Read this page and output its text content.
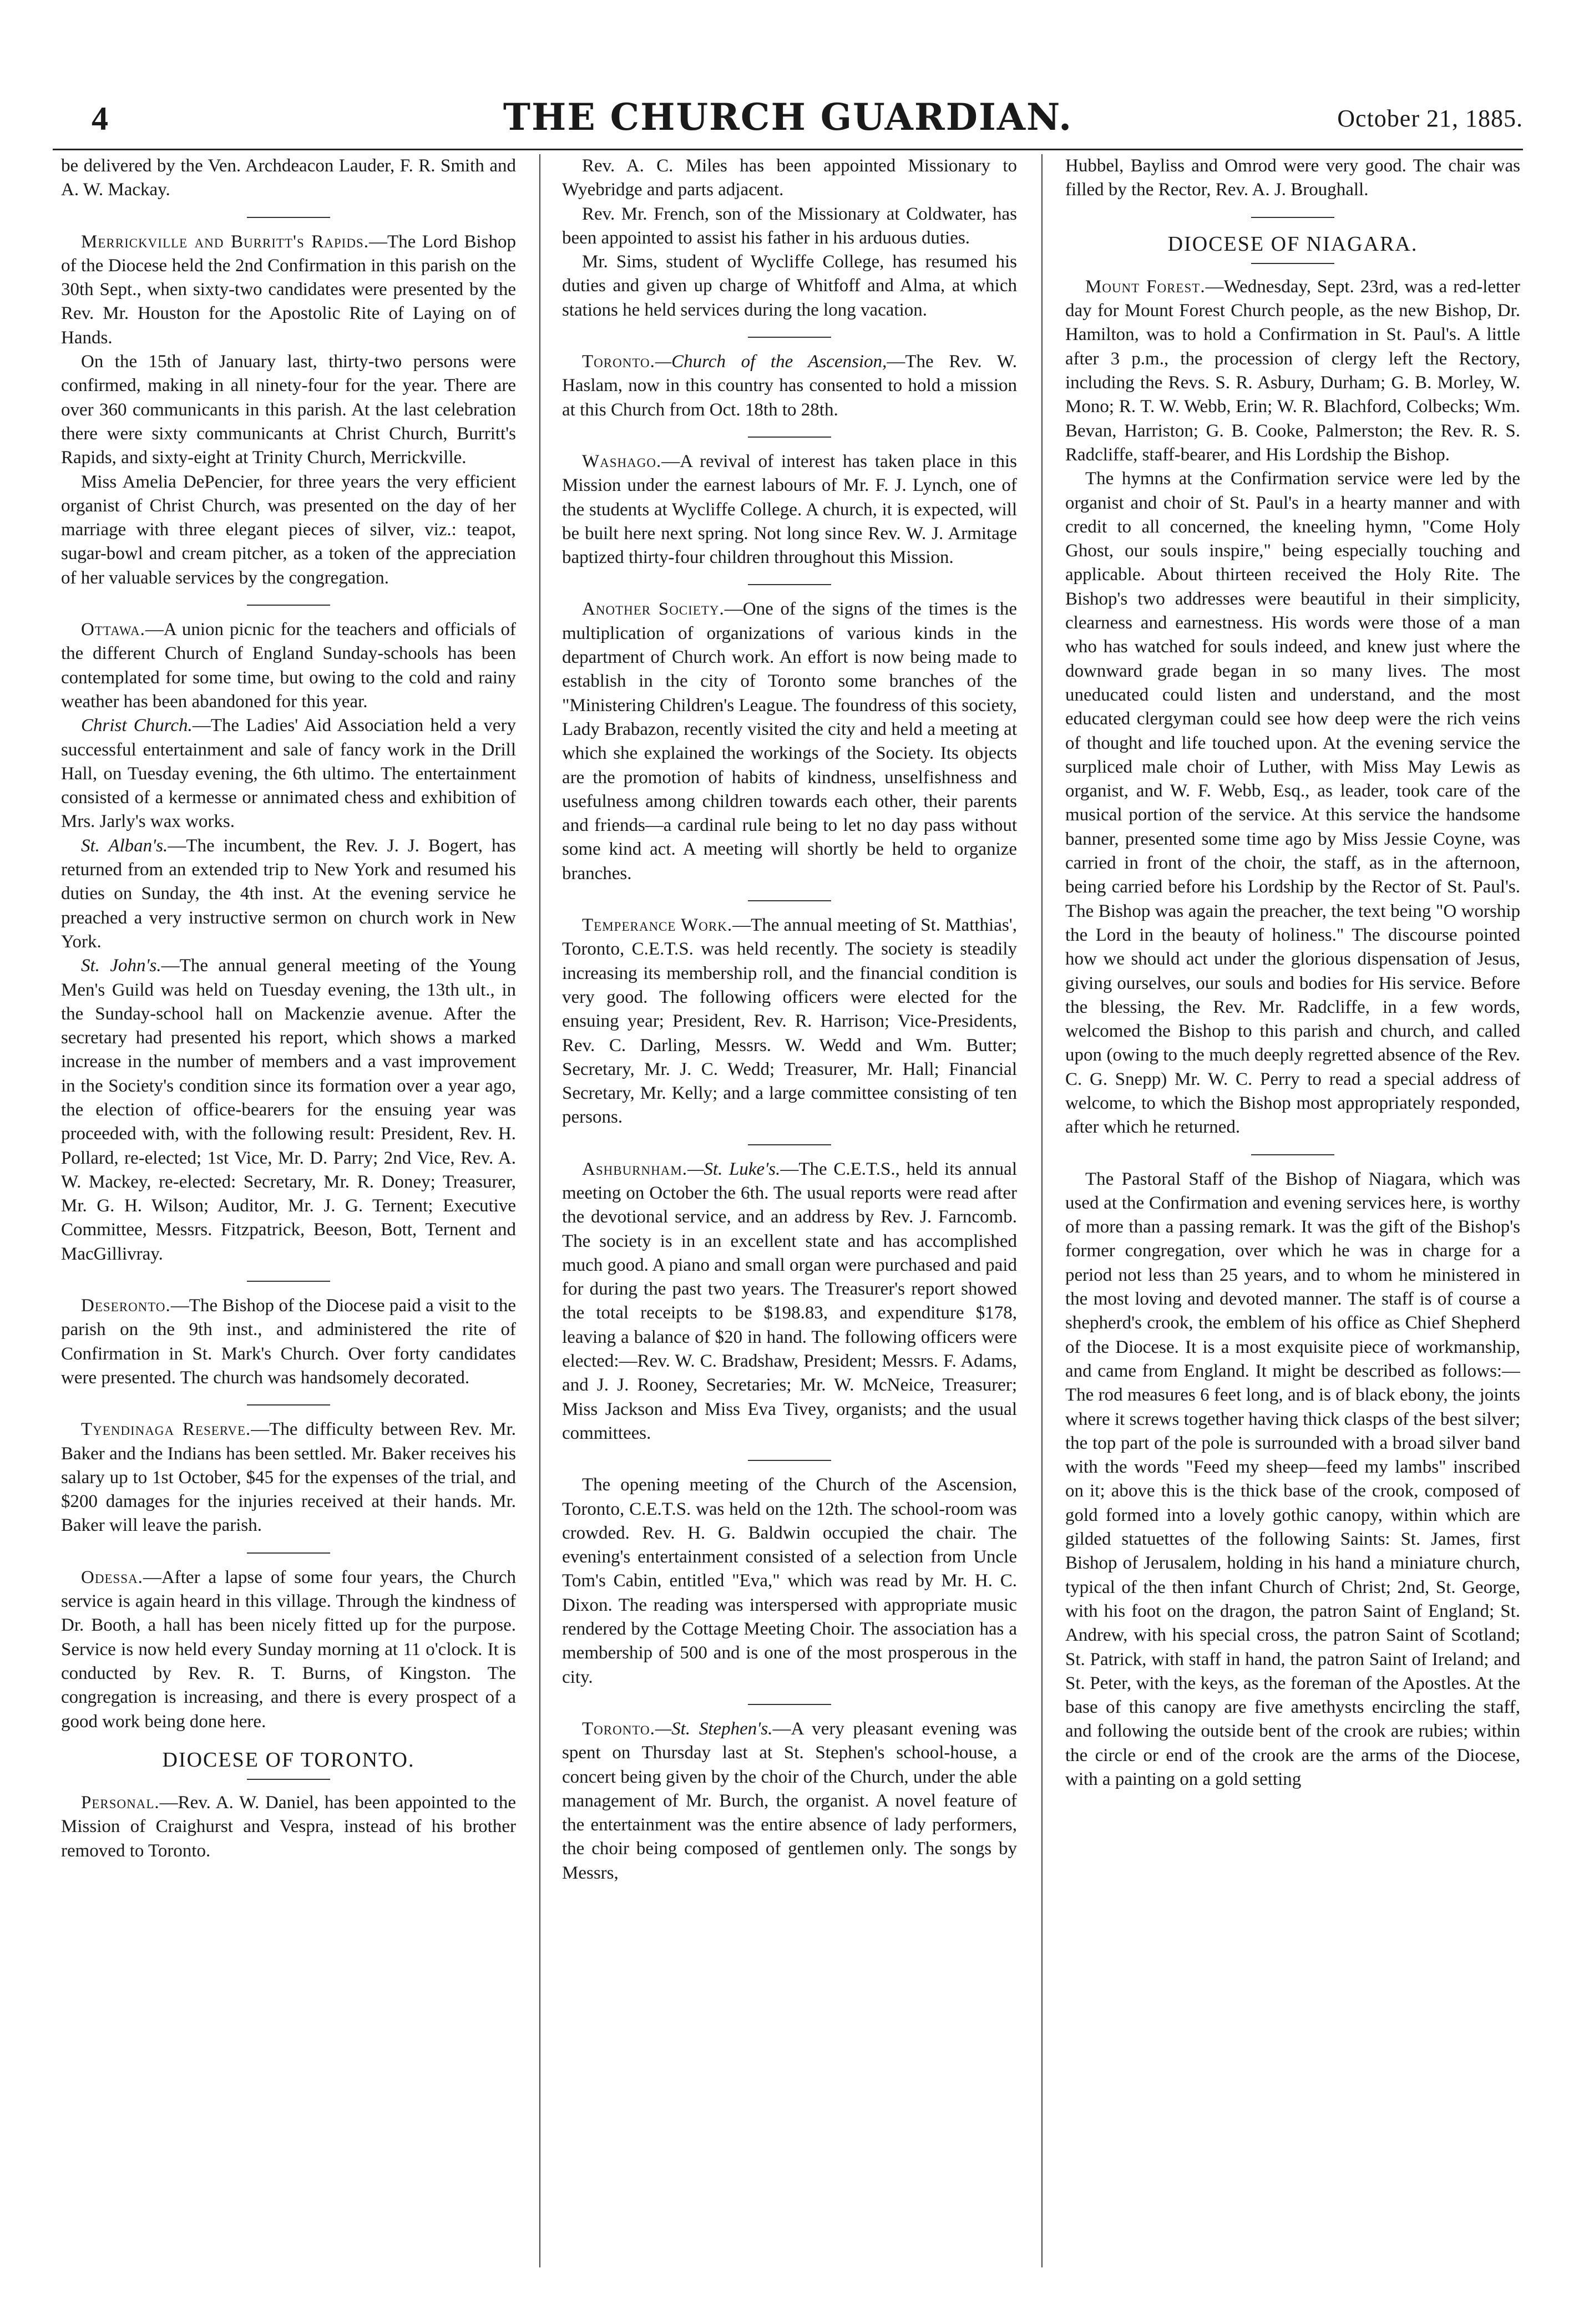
4	THE CHURCH GUARDIAN.	October 21, 1885.

be delivered by the Ven. Archdeacon Lauder, F. R. Smith and A. W. Mackay.

Merrickville and Burritt's Rapids.—The Lord Bishop of the Diocese held the 2nd Confirmation in this parish on the 30th Sept., when sixty-two candidates were presented by the Rev. Mr. Houston for the Apostolic Rite of Laying on of Hands.

On the 15th of January last, thirty-two persons were confirmed, making in all ninety-four for the year. There are over 360 communicants in this parish. At the last celebration there were sixty communicants at Christ Church, Burritt's Rapids, and sixty-eight at Trinity Church, Merrickville.

Miss Amelia DePencier, for three years the very efficient organist of Christ Church, was presented on the day of her marriage with three elegant pieces of silver, viz.: teapot, sugar-bowl and cream pitcher, as a token of the appreciation of her valuable services by the congregation.

Ottawa.—A union picnic for the teachers and officials of the different Church of England Sunday-schools has been contemplated for some time, but owing to the cold and rainy weather has been abandoned for this year.

Christ Church.—The Ladies' Aid Association held a very successful entertainment and sale of fancy work in the Drill Hall, on Tuesday evening, the 6th ultimo. The entertainment consisted of a kermesse or annimated chess and exhibition of Mrs. Jarly's wax works.

St. Alban's.—The incumbent, the Rev. J. J. Bogert, has returned from an extended trip to New York and resumed his duties on Sunday, the 4th inst. At the evening service he preached a very instructive sermon on church work in New York.

St. John's.—The annual general meeting of the Young Men's Guild was held on Tuesday evening, the 13th ult., in the Sunday-school hall on Mackenzie avenue. After the secretary had presented his report, which shows a marked increase in the number of members and a vast improvement in the Society's condition since its formation over a year ago, the election of office-bearers for the ensuing year was proceeded with, with the following result: President, Rev. H. Pollard, re-elected; 1st Vice, Mr. D. Parry; 2nd Vice, Rev. A. W. Mackey, re-elected: Secretary, Mr. R. Doney; Treasurer, Mr. G. H. Wilson; Auditor, Mr. J. G. Ternent; Executive Committee, Messrs. Fitzpatrick, Beeson, Bott, Ternent and MacGillivray.

Deseronto.—The Bishop of the Diocese paid a visit to the parish on the 9th inst., and administered the rite of Confirmation in St. Mark's Church. Over forty candidates were presented. The church was handsomely decorated.

Tyendinaga Reserve.—The difficulty between Rev. Mr. Baker and the Indians has been settled. Mr. Baker receives his salary up to 1st October, $45 for the expenses of the trial, and $200 damages for the injuries received at their hands. Mr. Baker will leave the parish.

Odessa.—After a lapse of some four years, the Church service is again heard in this village. Through the kindness of Dr. Booth, a hall has been nicely fitted up for the purpose. Service is now held every Sunday morning at 11 o'clock. It is conducted by Rev. R. T. Burns, of Kingston. The congregation is increasing, and there is every prospect of a good work being done here.

DIOCESE OF TORONTO.

Personal.—Rev. A. W. Daniel, has been appointed to the Mission of Craighurst and Vespra, instead of his brother removed to Toronto.

Rev. A. C. Miles has been appointed Missionary to Wyebridge and parts adjacent.

Rev. Mr. French, son of the Missionary at Coldwater, has been appointed to assist his father in his arduous duties.

Mr. Sims, student of Wycliffe College, has resumed his duties and given up charge of Whitfoff and Alma, at which stations he held services during the long vacation.

Toronto.—Church of the Ascension,—The Rev. W. Haslam, now in this country has consented to hold a mission at this Church from Oct. 18th to 28th.

Washago.—A revival of interest has taken place in this Mission under the earnest labours of Mr. F. J. Lynch, one of the students at Wycliffe College. A church, it is expected, will be built here next spring. Not long since Rev. W. J. Armitage baptized thirty-four children throughout this Mission.

Another Society.—One of the signs of the times is the multiplication of organizations of various kinds in the department of Church work. An effort is now being made to establish in the city of Toronto some branches of the "Ministering Children's League. The foundress of this society, Lady Brabazon, recently visited the city and held a meeting at which she explained the workings of the Society. Its objects are the promotion of habits of kindness, unselfishness and usefulness among children towards each other, their parents and friends—a cardinal rule being to let no day pass without some kind act. A meeting will shortly be held to organize branches.

Temperance Work.—The annual meeting of St. Matthias', Toronto, C.E.T.S. was held recently. The society is steadily increasing its membership roll, and the financial condition is very good. The following officers were elected for the ensuing year; President, Rev. R. Harrison; Vice-Presidents, Rev. C. Darling, Messrs. W. Wedd and Wm. Butter; Secretary, Mr. J. C. Wedd; Treasurer, Mr. Hall; Financial Secretary, Mr. Kelly; and a large committee consisting of ten persons.

Ashburnham.—St. Luke's.—The C.E.T.S., held its annual meeting on October the 6th. The usual reports were read after the devotional service, and an address by Rev. J. Farncomb. The society is in an excellent state and has accomplished much good. A piano and small organ were purchased and paid for during the past two years. The Treasurer's report showed the total receipts to be $198.83, and expenditure $178, leaving a balance of $20 in hand. The following officers were elected:—Rev. W. C. Bradshaw, President; Messrs. F. Adams, and J. J. Rooney, Secretaries; Mr. W. McNeice, Treasurer; Miss Jackson and Miss Eva Tivey, organists; and the usual committees.

The opening meeting of the Church of the Ascension, Toronto, C.E.T.S. was held on the 12th. The school-room was crowded. Rev. H. G. Baldwin occupied the chair. The evening's entertainment consisted of a selection from Uncle Tom's Cabin, entitled "Eva," which was read by Mr. H. C. Dixon. The reading was interspersed with appropriate music rendered by the Cottage Meeting Choir. The association has a membership of 500 and is one of the most prosperous in the city.

Toronto.—St. Stephen's.—A very pleasant evening was spent on Thursday last at St. Stephen's school-house, a concert being given by the choir of the Church, under the able management of Mr. Burch, the organist. A novel feature of the entertainment was the entire absence of lady performers, the choir being composed of gentlemen only. The songs by Messrs,

Hubbel, Bayliss and Omrod were very good. The chair was filled by the Rector, Rev. A. J. Broughall.

DIOCESE OF NIAGARA.

Mount Forest.—Wednesday, Sept. 23rd, was a red-letter day for Mount Forest Church people, as the new Bishop, Dr. Hamilton, was to hold a Confirmation in St. Paul's. A little after 3 p.m., the procession of clergy left the Rectory, including the Revs. S. R. Asbury, Durham; G. B. Morley, W. Mono; R. T. W. Webb, Erin; W. R. Blachford, Colbecks; Wm. Bevan, Harriston; G. B. Cooke, Palmerston; the Rev. R. S. Radcliffe, staff-bearer, and His Lordship the Bishop.

The hymns at the Confirmation service were led by the organist and choir of St. Paul's in a hearty manner and with credit to all concerned, the kneeling hymn, "Come Holy Ghost, our souls inspire," being especially touching and applicable. About thirteen received the Holy Rite. The Bishop's two addresses were beautiful in their simplicity, clearness and earnestness. His words were those of a man who has watched for souls indeed, and knew just where the downward grade began in so many lives. The most uneducated could listen and understand, and the most educated clergyman could see how deep were the rich veins of thought and life touched upon. At the evening service the surpliced male choir of Luther, with Miss May Lewis as organist, and W. F. Webb, Esq., as leader, took care of the musical portion of the service. At this service the handsome banner, presented some time ago by Miss Jessie Coyne, was carried in front of the choir, the staff, as in the afternoon, being carried before his Lordship by the Rector of St. Paul's. The Bishop was again the preacher, the text being "O worship the Lord in the beauty of holiness." The discourse pointed how we should act under the glorious dispensation of Jesus, giving ourselves, our souls and bodies for His service. Before the blessing, the Rev. Mr. Radcliffe, in a few words, welcomed the Bishop to this parish and church, and called upon (owing to the much deeply regretted absence of the Rev. C. G. Snepp) Mr. W. C. Perry to read a special address of welcome, to which the Bishop most appropriately responded, after which he returned.

The Pastoral Staff of the Bishop of Niagara, which was used at the Confirmation and evening services here, is worthy of more than a passing remark. It was the gift of the Bishop's former congregation, over which he was in charge for a period not less than 25 years, and to whom he ministered in the most loving and devoted manner. The staff is of course a shepherd's crook, the emblem of his office as Chief Shepherd of the Diocese. It is a most exquisite piece of workmanship, and came from England. It might be described as follows:—The rod measures 6 feet long, and is of black ebony, the joints where it screws together having thick clasps of the best silver; the top part of the pole is surrounded with a broad silver band with the words "Feed my sheep—feed my lambs" inscribed on it; above this is the thick base of the crook, composed of gold formed into a lovely gothic canopy, within which are gilded statuettes of the following Saints: St. James, first Bishop of Jerusalem, holding in his hand a miniature church, typical of the then infant Church of Christ; 2nd, St. George, with his foot on the dragon, the patron Saint of England; St. Andrew, with his special cross, the patron Saint of Scotland; St. Patrick, with staff in hand, the patron Saint of Ireland; and St. Peter, with the keys, as the foreman of the Apostles. At the base of this canopy are five amethysts encircling the staff, and following the outside bent of the crook are rubies; within the circle or end of the crook are the arms of the Diocese, with a painting on a gold setting
